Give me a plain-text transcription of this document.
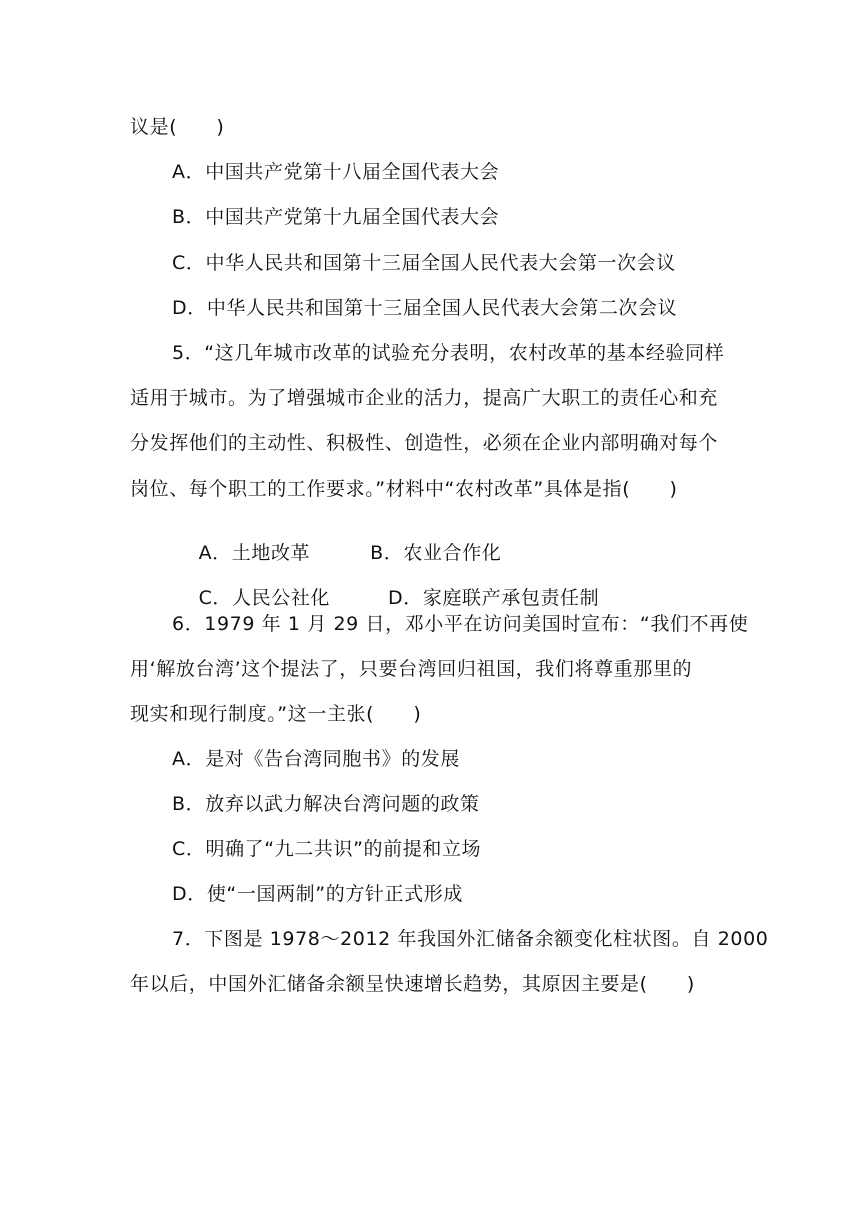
议是(　　)
A．中国共产党第十八届全国代表大会
B．中国共产党第十九届全国代表大会
C．中华人民共和国第十三届全国人民代表大会第一次会议
D．中华人民共和国第十三届全国人民代表大会第二次会议
5．“这几年城市改革的试验充分表明，农村改革的基本经验同样
适用于城市。为了增强城市企业的活力，提高广大职工的责任心和充
分发挥他们的主动性、积极性、创造性，必须在企业内部明确对每个
岗位、每个职工的工作要求。”材料中“农村改革”具体是指(　　)

A．土地改革	B．农业合作化

C．人民公社化	D．家庭联产承包责任制

6．1979 年 1 月 29 日，邓小平在访问美国时宣布：“我们不再使
用‘解放台湾’这个提法了，只要台湾回归祖国，我们将尊重那里的
现实和现行制度。”这一主张(　　)
A．是对《告台湾同胞书》的发展
B．放弃以武力解决台湾问题的政策
C．明确了“九二共识”的前提和立场
D．使“一国两制”的方针正式形成
7．下图是 1978～2012 年我国外汇储备余额变化柱状图。自 2000
年以后，中国外汇储备余额呈快速增长趋势，其原因主要是(　　)
